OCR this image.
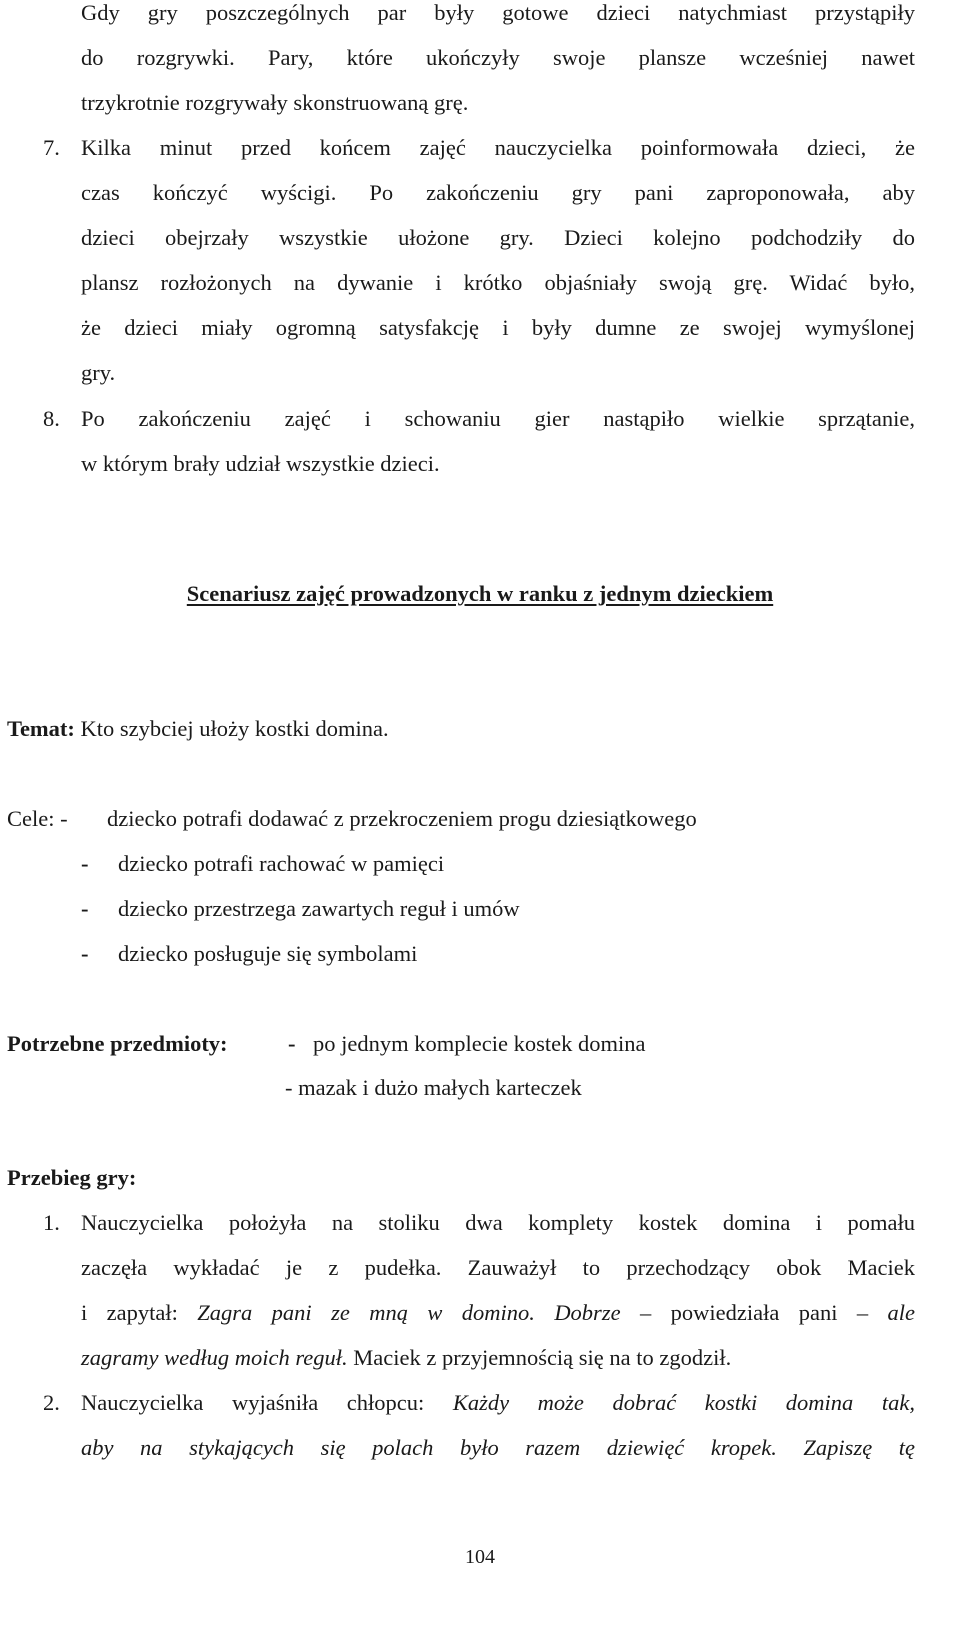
Gdy gry poszczególnych par były gotowe dzieci natychmiast przystąpiły
do rozgrywki. Pary, które ukończyły swoje plansze wcześniej nawet
trzykrotnie rozgrywały skonstruowaną grę.
7. Kilka minut przed końcem zajęć nauczycielka poinformowała dzieci, że
czas kończyć wyścigi. Po zakończeniu gry pani zaproponowała, aby
dzieci obejrzały wszystkie ułożone gry. Dzieci kolejno podchodziły do
plansz rozłożonych na dywanie i krótko objaśniały swoją grę. Widać było,
że dzieci miały ogromną satysfakcję i były dumne ze swojej wymyślonej
gry.
8. Po zakończeniu zajęć i schowaniu gier nastąpiło wielkie sprzątanie,
w którym brały udział wszystkie dzieci.
Scenariusz zajęć prowadzonych w ranku z jednym dzieckiem
Temat: Kto szybciej ułoży kostki domina.
Cele: - dziecko potrafi dodawać z przekroczeniem progu dziesiątkowego
- dziecko potrafi rachować w pamięci
- dziecko przestrzega zawartych reguł i umów
- dziecko posługuje się symbolami
Potrzebne przedmioty:	- po jednym komplecie kostek domina
- mazak i dużo małych karteczek
Przebieg gry:
1. Nauczycielka położyła na stoliku dwa komplety kostek domina i pomału
zaczęła wykładać je z pudełka. Zauważył to przechodzący obok Maciek
i zapytał: Zagra pani ze mną w domino. Dobrze – powiedziała pani – ale
zagramy według moich reguł. Maciek z przyjemnością się na to zgodził.
2. Nauczycielka wyjaśniła chłopcu: Każdy może dobrać kostki domina tak,
aby na stykających się polach było razem dziewięć kropek. Zapiszę tę
104
